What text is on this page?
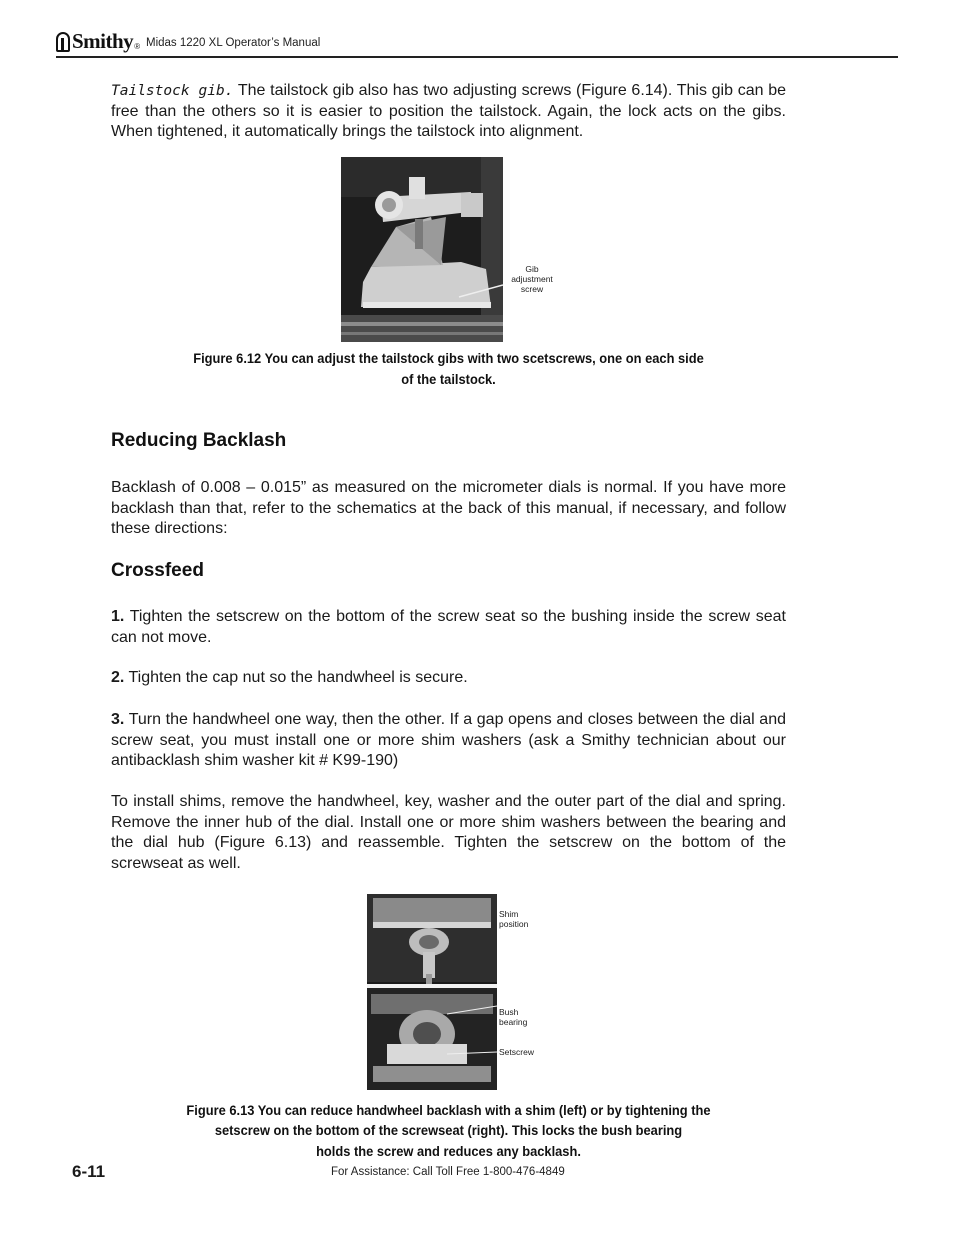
Smithy ® Midas 1220 XL Operator’s Manual

Tailstock gib. The tailstock gib also has two adjusting screws (Figure 6.14). This gib can be free than the others so it is easier to position the tailstock. Again, the lock acts on the gibs. When tightened, it automatically brings the tailstock into alignment.

Gib adjustment screw
Figure 6.12 You can adjust the tailstock gibs with two scetscrews, one on each side
of the tailstock.
Reducing Backlash

Backlash of 0.008 – 0.015” as measured on the micrometer dials is normal. If you have more backlash than that, refer to the schematics at the back of this manual, if necessary, and follow these directions:

Crossfeed

1. Tighten the setscrew on the bottom of the screw seat so the bushing inside the screw seat can not move.

2. Tighten the cap nut so the handwheel is secure.

3. Turn the handwheel one way, then the other. If a gap opens and closes between the dial and screw seat, you must install one or more shim washers (ask a Smithy technician about our antibacklash shim washer kit # K99-190)

To install shims, remove the handwheel, key, washer and the outer part of the dial and spring. Remove the inner hub of the dial. Install one or more shim washers between the bearing and the dial hub (Figure 6.13) and reassemble. Tighten the setscrew on the bottom of the screwseat as well.

Shim position
Bush bearing
Setscrew
Figure 6.13 You can reduce handwheel backlash with a shim (left) or by tightening the
setscrew on the bottom of the screwseat (right). This locks the bush bearing
holds the screw and reduces any backlash.
6-11	For Assistance: Call Toll Free 1-800-476-4849
